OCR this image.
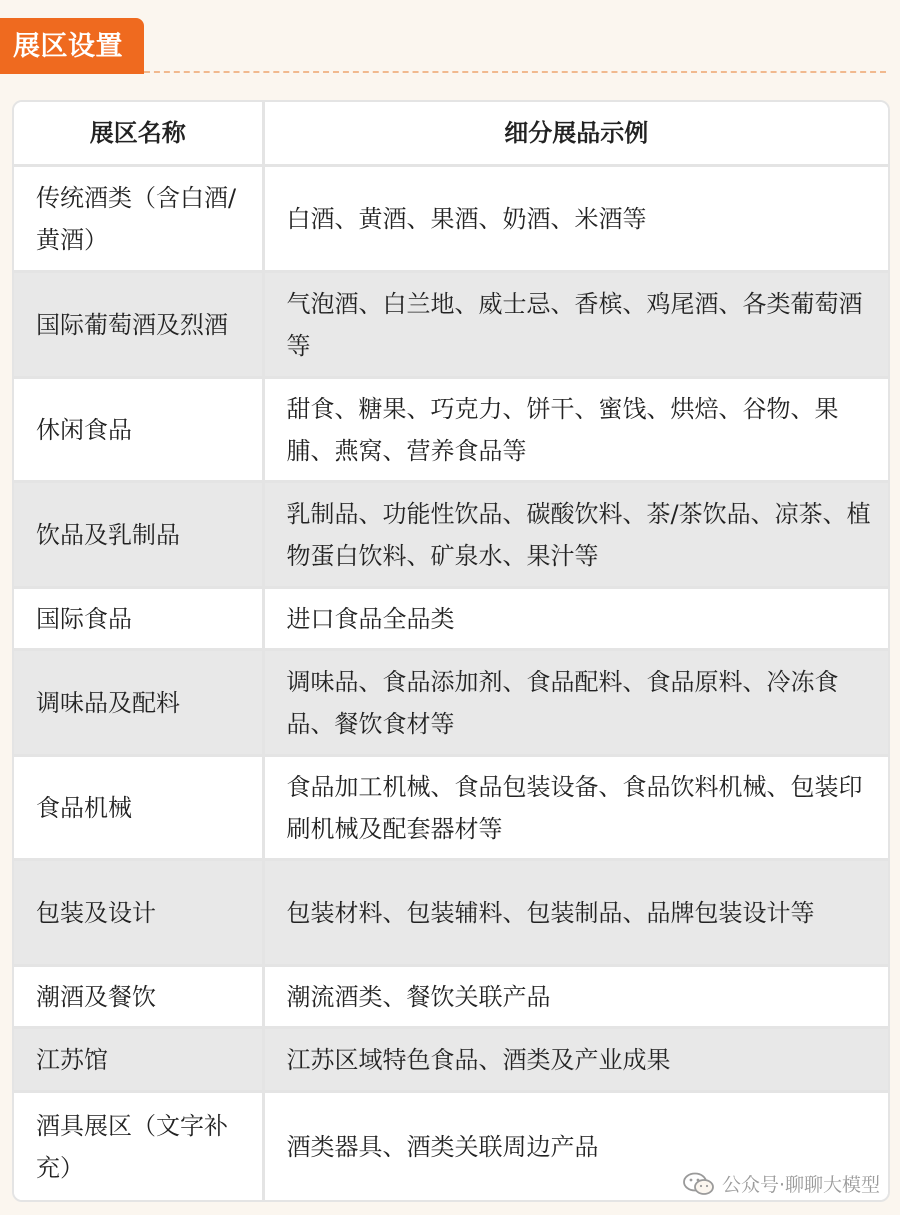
展区设置
展区名称	细分展品示例
传统酒类（含白酒/黄酒）	白酒、黄酒、果酒、奶酒、米酒等
国际葡萄酒及烈酒	气泡酒、白兰地、威士忌、香槟、鸡尾酒、各类葡萄酒等
休闲食品	甜食、糖果、巧克力、饼干、蜜饯、烘焙、谷物、果脯、燕窝、营养食品等
饮品及乳制品	乳制品、功能性饮品、碳酸饮料、茶/茶饮品、凉茶、植物蛋白饮料、矿泉水、果汁等
国际食品	进口食品全品类
调味品及配料	调味品、食品添加剂、食品配料、食品原料、冷冻食品、餐饮食材等
食品机械	食品加工机械、食品包装设备、食品饮料机械、包装印刷机械及配套器材等
包装及设计	包装材料、包装辅料、包装制品、品牌包装设计等
潮酒及餐饮	潮流酒类、餐饮关联产品
江苏馆	江苏区域特色食品、酒类及产业成果
酒具展区（文字补充）	酒类器具、酒类关联周边产品
公众号·聊聊大模型
